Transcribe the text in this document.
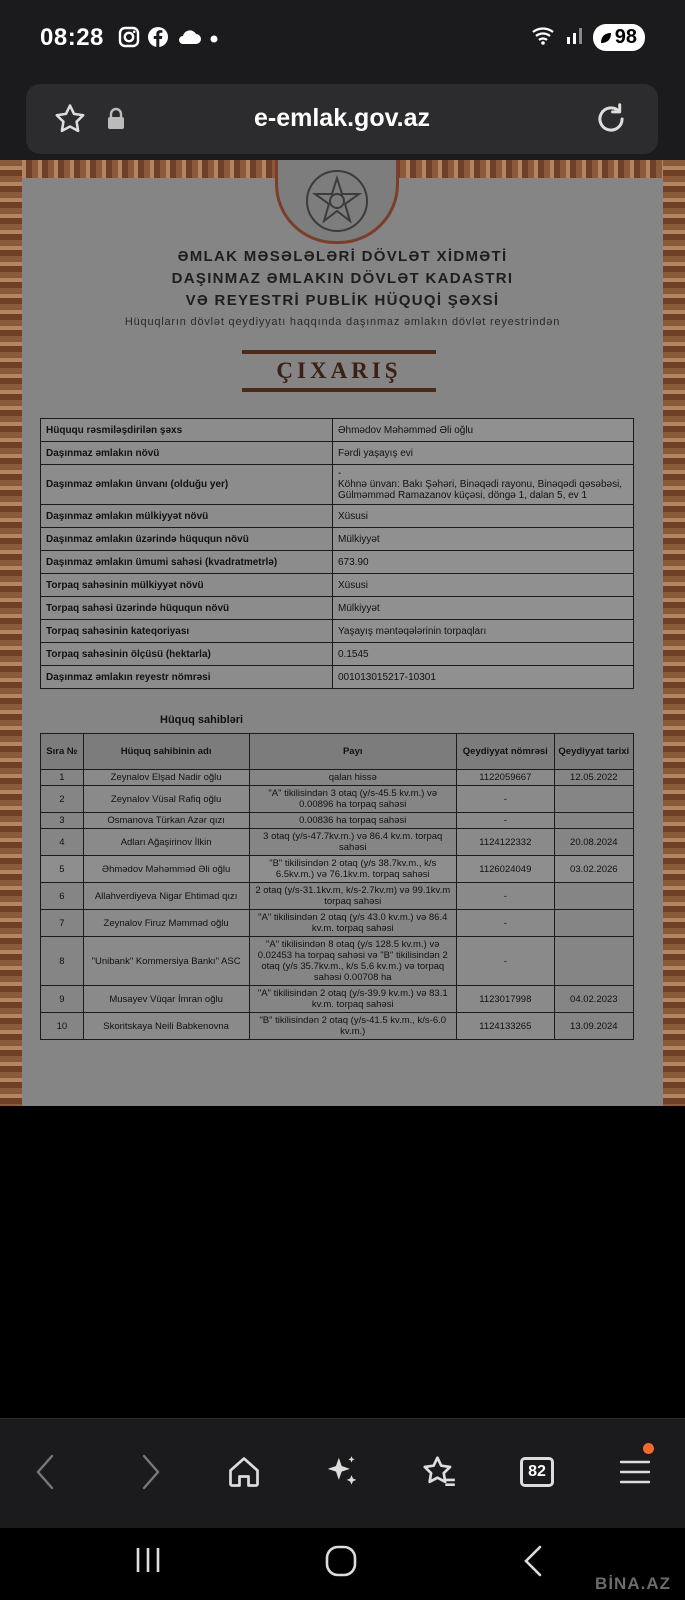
08:28	98
e-emlak.gov.az
ƏMLAK MƏSƏLƏLƏRİ DÖVLƏT XİDMƏTİ
DAŞINMAZ ƏMLAKIN DÖVLƏT KADASTRI
VƏ REYESTRİ PUBLİK HÜQUQİ ŞƏXSİ
Hüquqların dövlət qeydiyyatı haqqında daşınmaz əmlakın dövlət reyestrindən
ÇIXARIŞ
Hüququ rəsmiləşdirilən şəxs	Əhmədov Məhəmməd Əli oğlu
Daşınmaz əmlakın növü	Fərdi yaşayış evi
Daşınmaz əmlakın ünvanı (olduğu yer)	-
Köhnə ünvan: Bakı Şəhəri, Binəqədi rayonu, Binəqədi qəsəbəsi, Gülməmməd Ramazanov küçəsi, döngə 1, dalan 5, ev 1
Daşınmaz əmlakın mülkiyyət növü	Xüsusi
Daşınmaz əmlakın üzərində hüququn növü	Mülkiyyət
Daşınmaz əmlakın ümumi sahəsi (kvadratmetrlə)	673.90
Torpaq sahəsinin mülkiyyət növü	Xüsusi
Torpaq sahəsi üzərində hüququn növü	Mülkiyyət
Torpaq sahəsinin kateqoriyası	Yaşayış məntəqələrinin torpaqları
Torpaq sahəsinin ölçüsü (hektarla)	0.1545
Daşınmaz əmlakın reyestr nömrəsi	001013015217-10301
Hüquq sahibləri
Sıra №	Hüquq sahibinin adı	Payı	Qeydiyyat nömrəsi	Qeydiyyat tarixi
1	Zeynalov Elşad Nadir oğlu	qalan hissə	1122059667	12.05.2022
2	Zeynalov Vüsal Rafiq oğlu	"A" tikilisindən 3 otaq (y/s-45.5 kv.m.) və 0.00896 ha torpaq sahəsi	-	
3	Osmanova Türkan Azər qızı	0.00836 ha torpaq sahəsi	-	
4	Adları Ağaşirinov İlkin	3 otaq (y/s-47.7kv.m.) və 86.4 kv.m. torpaq sahəsi	1124122332	20.08.2024
5	Əhmədov Məhəmməd Əli oğlu	"B" tikilisindən 2 otaq (y/s 38.7kv.m., k/s 6.5kv.m.) və 76.1kv.m. torpaq sahəsi	1126024049	03.02.2026
6	Allahverdiyeva Nigar Ehtimad qızı	2 otaq (y/s-31.1kv.m, k/s-2.7kv.m) və 99.1kv.m torpaq sahəsi	-	
7	Zeynalov Firuz Məmməd oğlu	"A" tikilisindən 2 otaq (y/s 43.0 kv.m.) və 86.4 kv.m. torpaq sahəsi	-	
8	"Unibank" Kommersiya Bankı" ASC	"A" tikilisindən 8 otaq (y/s 128.5 kv.m.) və 0.02453 ha torpaq sahəsi və "B" tikilisindən 2 otaq (y/s 35.7kv.m., k/s 5.6 kv.m.) və torpaq sahəsi 0.00708 ha	-	
9	Musayev Vüqar İmran oğlu	"A" tikilisindən 2 otaq (y/s-39.9 kv.m.) və 83.1 kv.m. torpaq sahəsi	1123017998	04.02.2023
10	Skoritskaya Neili Babkenovna	"B" tikilisindən 2 otaq (y/s-41.5 kv.m., k/s-6.0 kv.m.)	1124133265	13.09.2024
82
BİNA.AZ
